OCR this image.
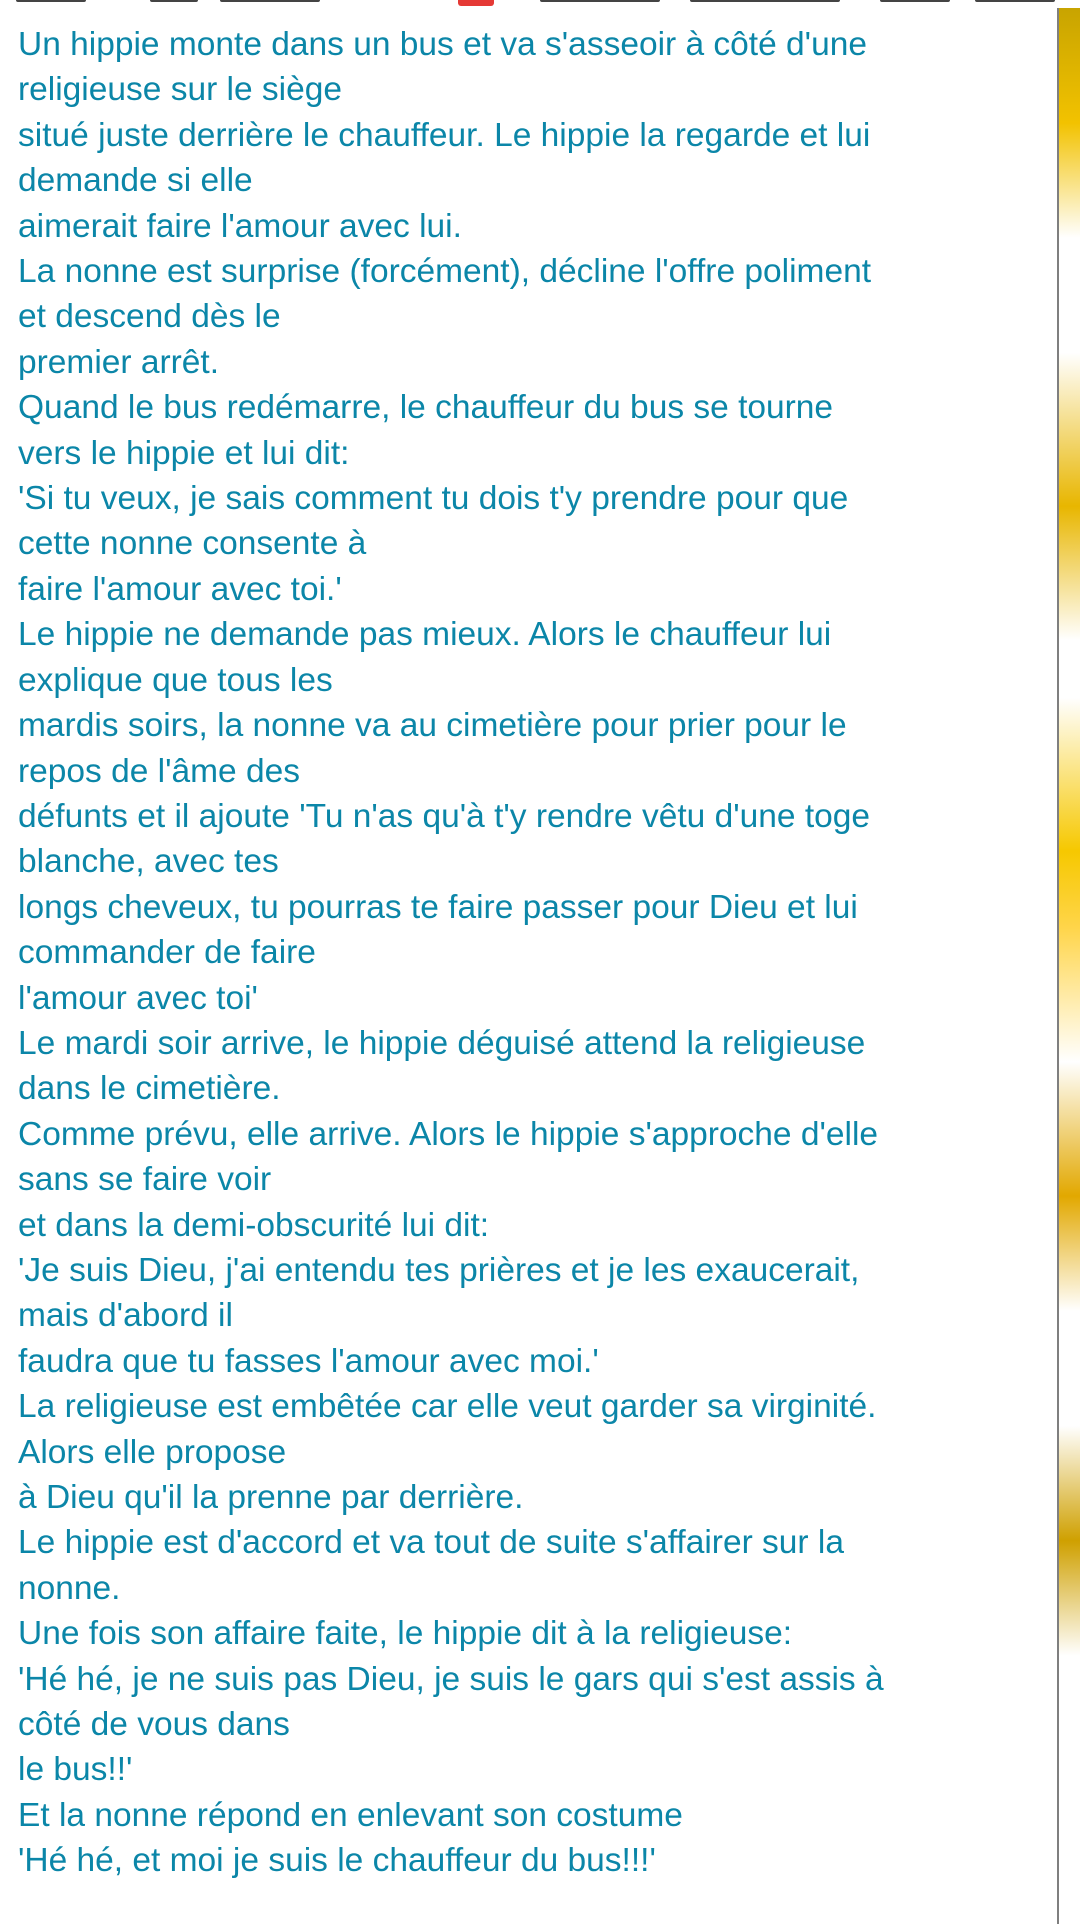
Un hippie monte dans un bus et va s'asseoir à côté d'une
religieuse sur le siège
situé juste derrière le chauffeur. Le hippie la regarde et lui
demande si elle
aimerait faire l'amour avec lui.
La nonne est surprise (forcément), décline l'offre poliment
et descend dès le
premier arrêt.
Quand le bus redémarre, le chauffeur du bus se tourne
vers le hippie et lui dit:
'Si tu veux, je sais comment tu dois t'y prendre pour que
cette nonne consente à
faire l'amour avec toi.'
Le hippie ne demande pas mieux. Alors le chauffeur lui
explique que tous les
mardis soirs, la nonne va au cimetière pour prier pour le
repos de l'âme des
défunts et il ajoute 'Tu n'as qu'à t'y rendre vêtu d'une toge
blanche, avec tes
longs cheveux, tu pourras te faire passer pour Dieu et lui
commander de faire
l'amour avec toi'
Le mardi soir arrive, le hippie déguisé attend la religieuse
dans le cimetière.
Comme prévu, elle arrive. Alors le hippie s'approche d'elle
sans se faire voir
et dans la demi-obscurité lui dit:
'Je suis Dieu, j'ai entendu tes prières et je les exaucerait,
mais d'abord il
faudra que tu fasses l'amour avec moi.'
La religieuse est embêtée car elle veut garder sa virginité.
Alors elle propose
à Dieu qu'il la prenne par derrière.
Le hippie est d'accord et va tout de suite s'affairer sur la
nonne.
Une fois son affaire faite, le hippie dit à la religieuse:
'Hé hé, je ne suis pas Dieu, je suis le gars qui s'est assis à
côté de vous dans
le bus!!'
Et la nonne répond en enlevant son costume
'Hé hé, et moi je suis le chauffeur du bus!!!'
